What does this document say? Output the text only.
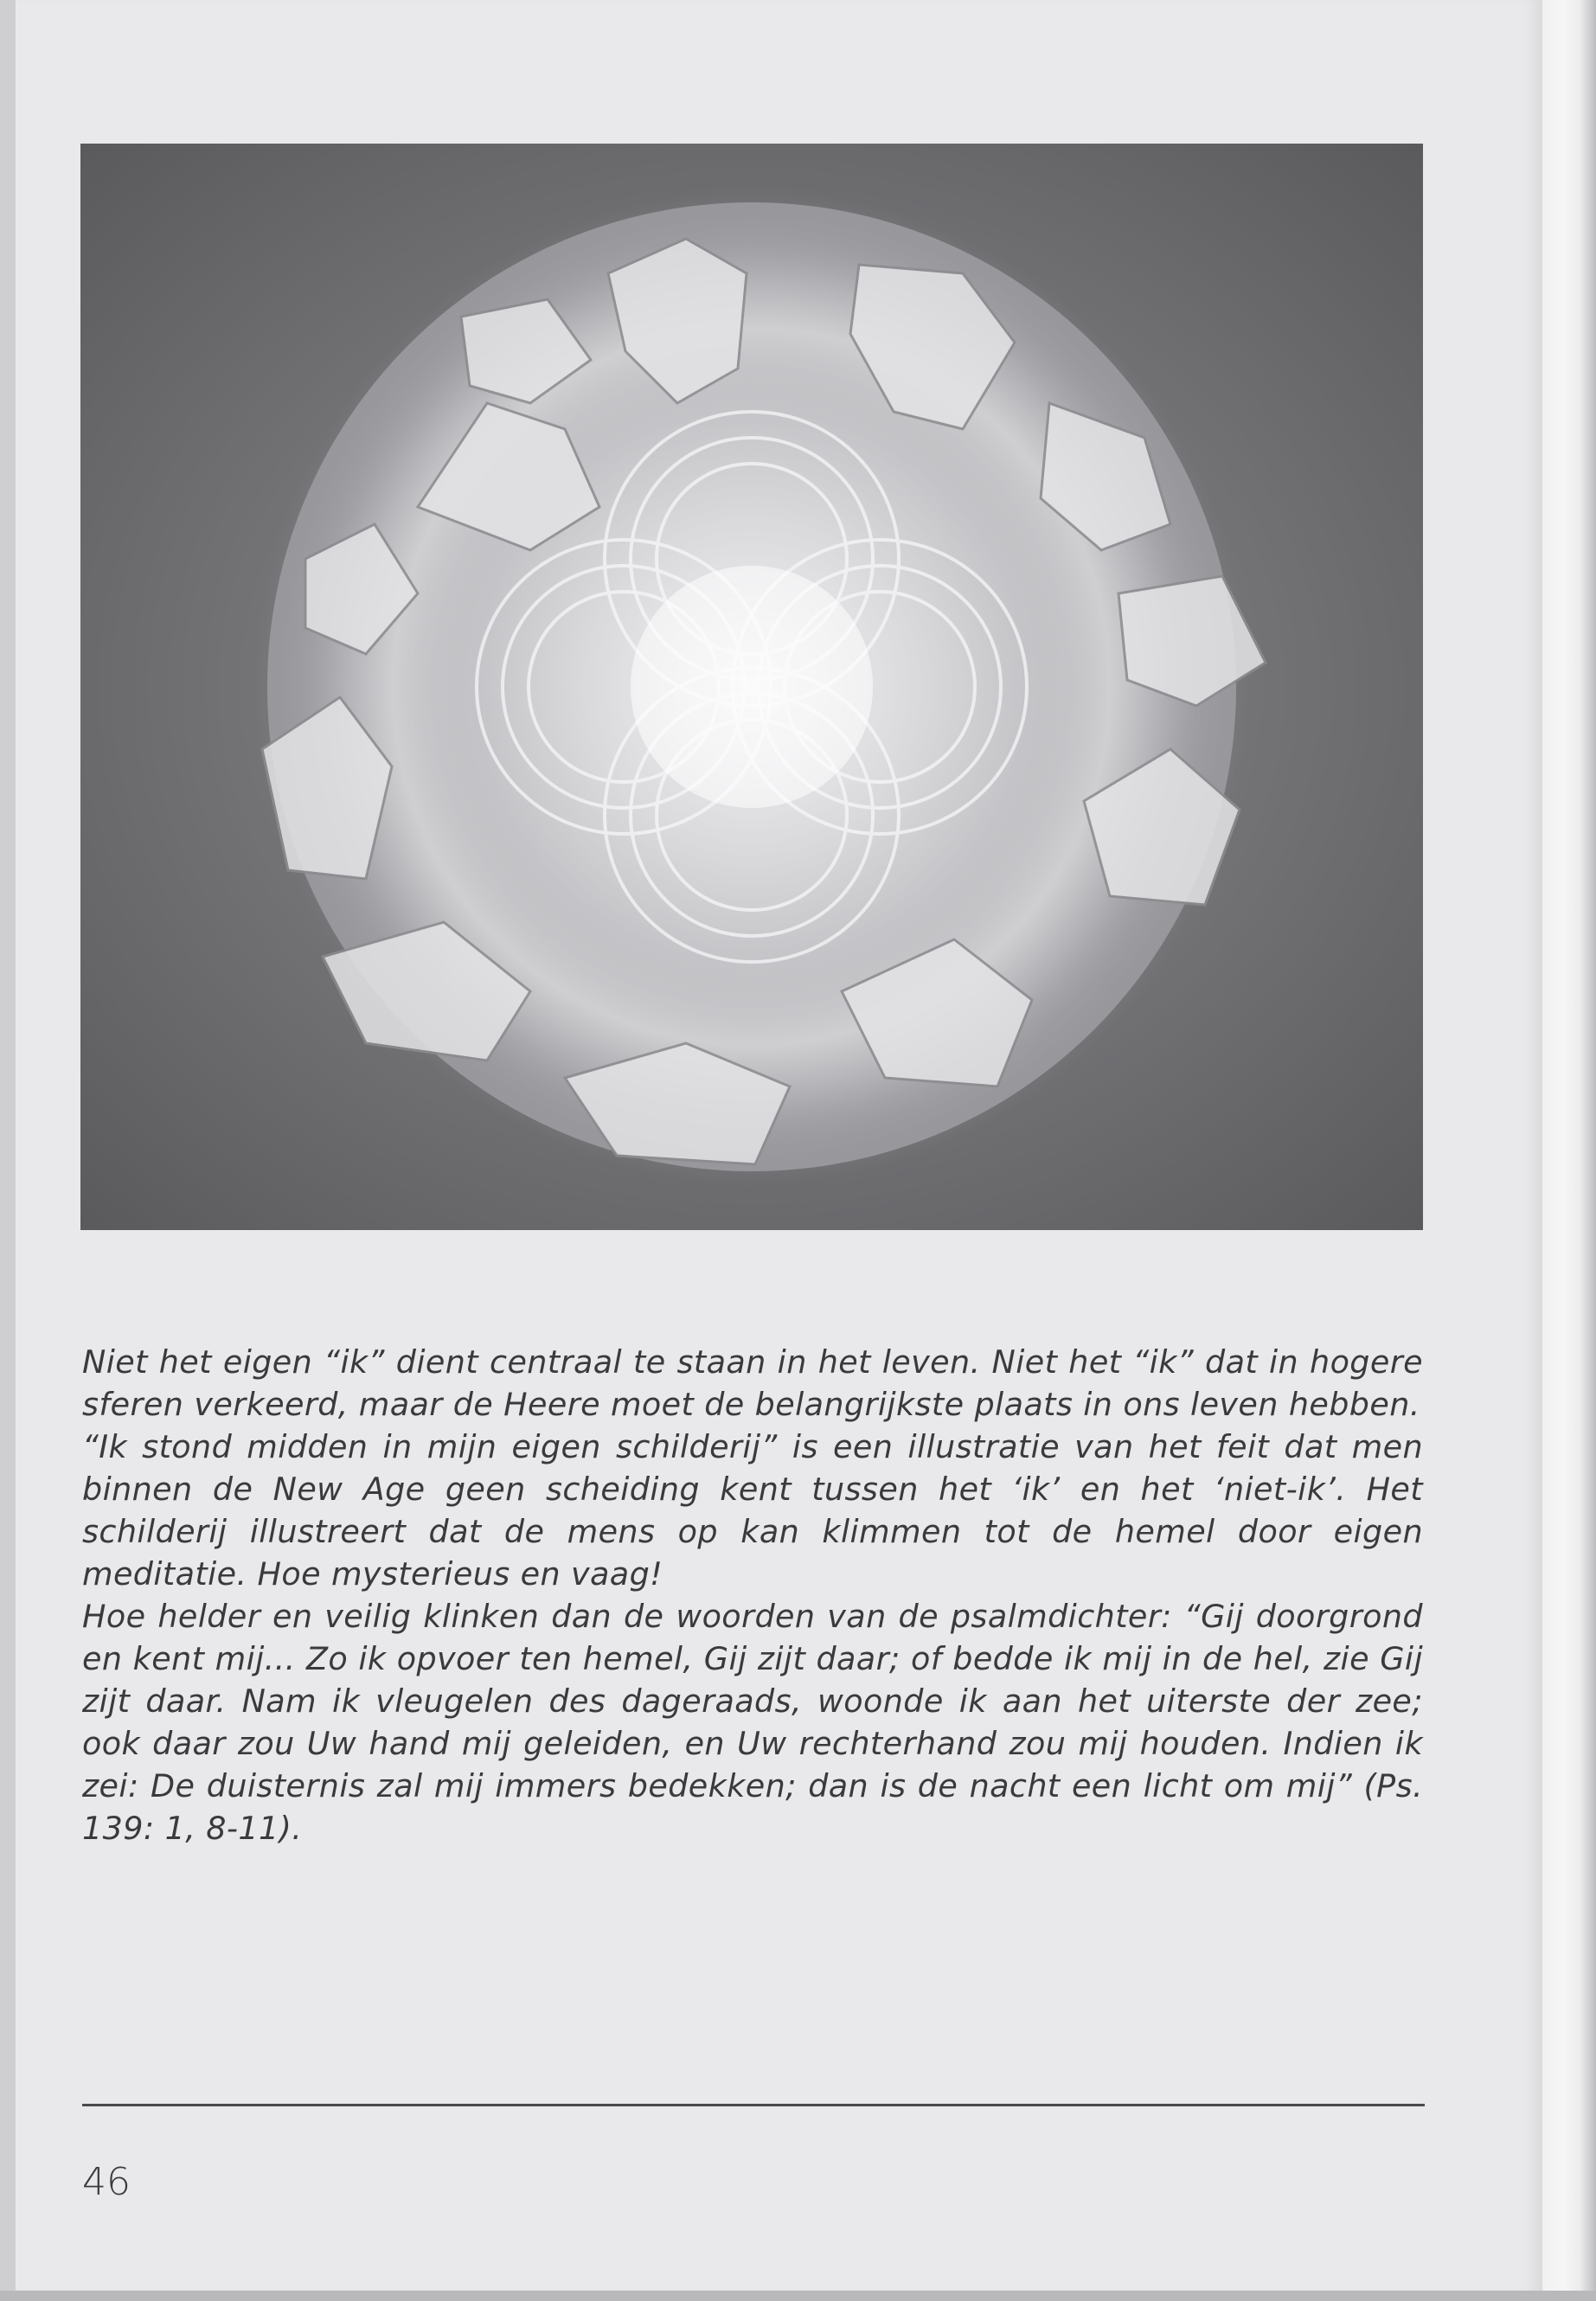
Niet het eigen “ik” dient centraal te staan in het leven. Niet het “ik” dat in hogere sferen verkeerd, maar de Heere moet de belangrijkste plaats in ons leven hebben.

“Ik stond midden in mijn eigen schilderij” is een illustratie van het feit dat men binnen de New Age geen scheiding kent tussen het ‘ik’ en het ‘niet-ik’. Het schilderij illustreert dat de mens op kan klimmen tot de hemel door eigen meditatie. Hoe mysterieus en vaag!

Hoe helder en veilig klinken dan de woorden van de psalmdichter: “Gij doorgrond en kent mij... Zo ik opvoer ten hemel, Gij zijt daar; of bedde ik mij in de hel, zie Gij zijt daar. Nam ik vleugelen des dageraads, woonde ik aan het uiterste der zee; ook daar zou Uw hand mij geleiden, en Uw rechterhand zou mij houden. Indien ik zei: De duisternis zal mij immers bedekken; dan is de nacht een licht om mij” (Ps. 139: 1, 8-11).

46
